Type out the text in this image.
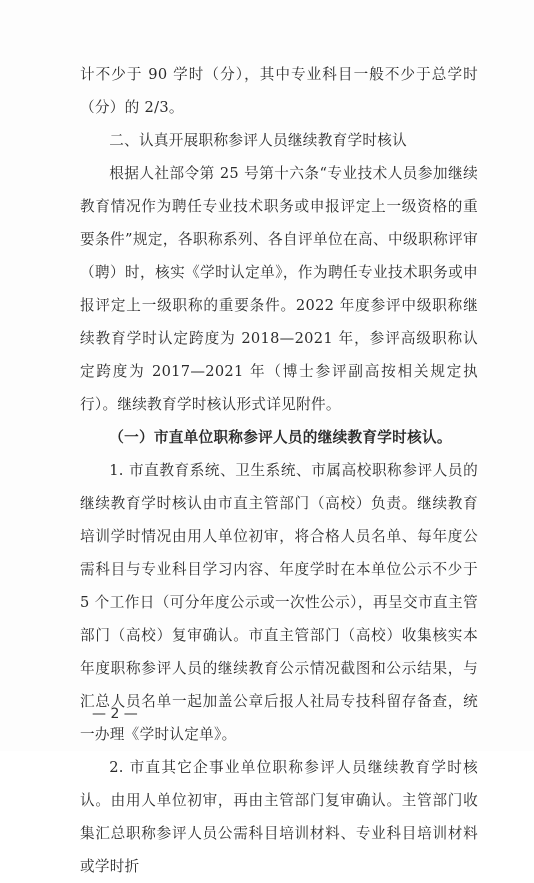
计不少于 90 学时（分），其中专业科目一般不少于总学时（分）的 2/3。

二、认真开展职称参评人员继续教育学时核认

根据人社部令第 25 号第十六条“专业技术人员参加继续教育情况作为聘任专业技术职务或申报评定上一级资格的重要条件”规定，各职称系列、各自评单位在高、中级职称评审（聘）时，核实《学时认定单》，作为聘任专业技术职务或申报评定上一级职称的重要条件。2022 年度参评中级职称继续教育学时认定跨度为 2018—2021 年，参评高级职称认定跨度为 2017—2021 年（博士参评副高按相关规定执行）。继续教育学时核认形式详见附件。

（一）市直单位职称参评人员的继续教育学时核认。

1. 市直教育系统、卫生系统、市属高校职称参评人员的继续教育学时核认由市直主管部门（高校）负责。继续教育培训学时情况由用人单位初审，将合格人员名单、每年度公需科目与专业科目学习内容、年度学时在本单位公示不少于 5 个工作日（可分年度公示或一次性公示），再呈交市直主管部门（高校）复审确认。市直主管部门（高校）收集核实本年度职称参评人员的继续教育公示情况截图和公示结果，与汇总人员名单一起加盖公章后报人社局专技科留存备查，统一办理《学时认定单》。

2. 市直其它企事业单位职称参评人员继续教育学时核认。由用人单位初审，再由主管部门复审确认。主管部门收集汇总职称参评人员公需科目培训材料、专业科目培训材料或学时折

— 2 —
